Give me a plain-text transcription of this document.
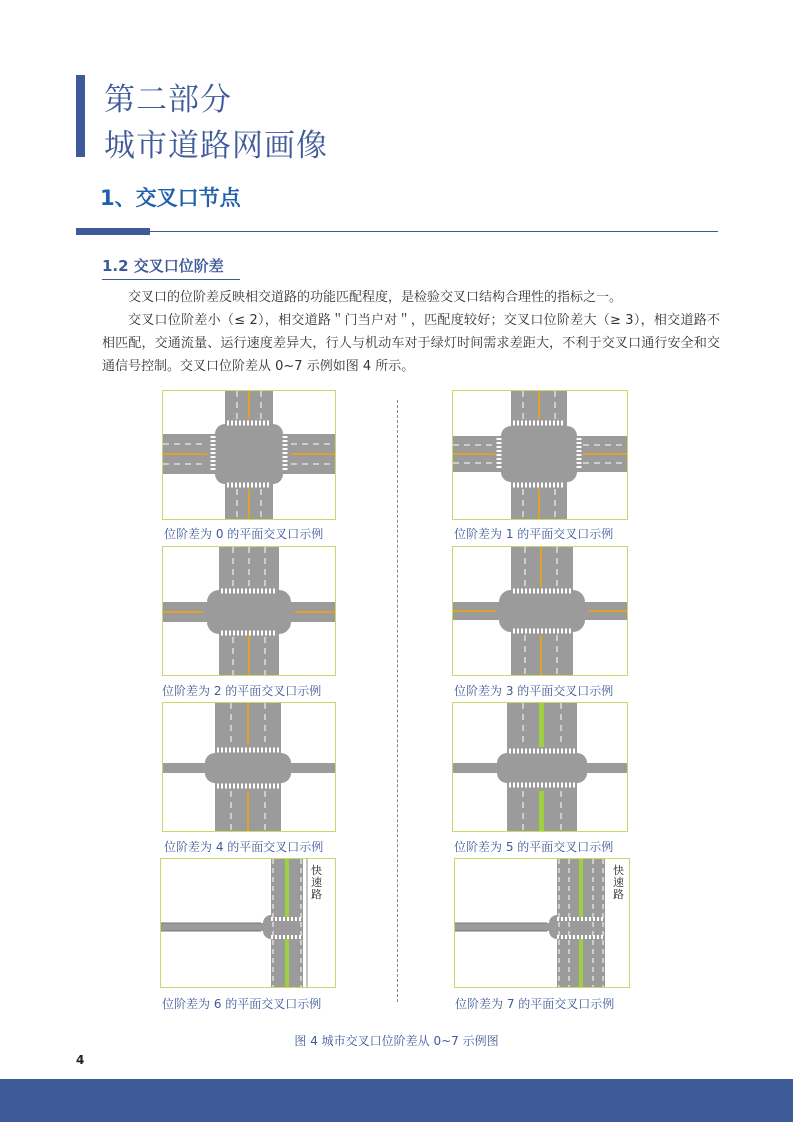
第二部分
城市道路网画像
1、交叉口节点
1.2 交叉口位阶差

交叉口的位阶差反映相交道路的功能匹配程度，是检验交叉口结构合理性的指标之一。

交叉口位阶差小（≤ 2），相交道路＂门当户对＂，匹配度较好；交叉口位阶差大（≥ 3），相交道路不相匹配，交通流量、运行速度差异大，行人与机动车对于绿灯时间需求差距大，不利于交叉口通行安全和交通信号控制。交叉口位阶差从 0~7 示例如图 4 所示。

位阶差为 0 的平面交叉口示例	位阶差为 1 的平面交叉口示例
位阶差为 2 的平面交叉口示例	位阶差为 3 的平面交叉口示例
位阶差为 4 的平面交叉口示例	位阶差为 5 的平面交叉口示例
快速路
位阶差为 6 的平面交叉口示例
快速路
位阶差为 7 的平面交叉口示例
图 4 城市交叉口位阶差从 0~7 示例图
4
